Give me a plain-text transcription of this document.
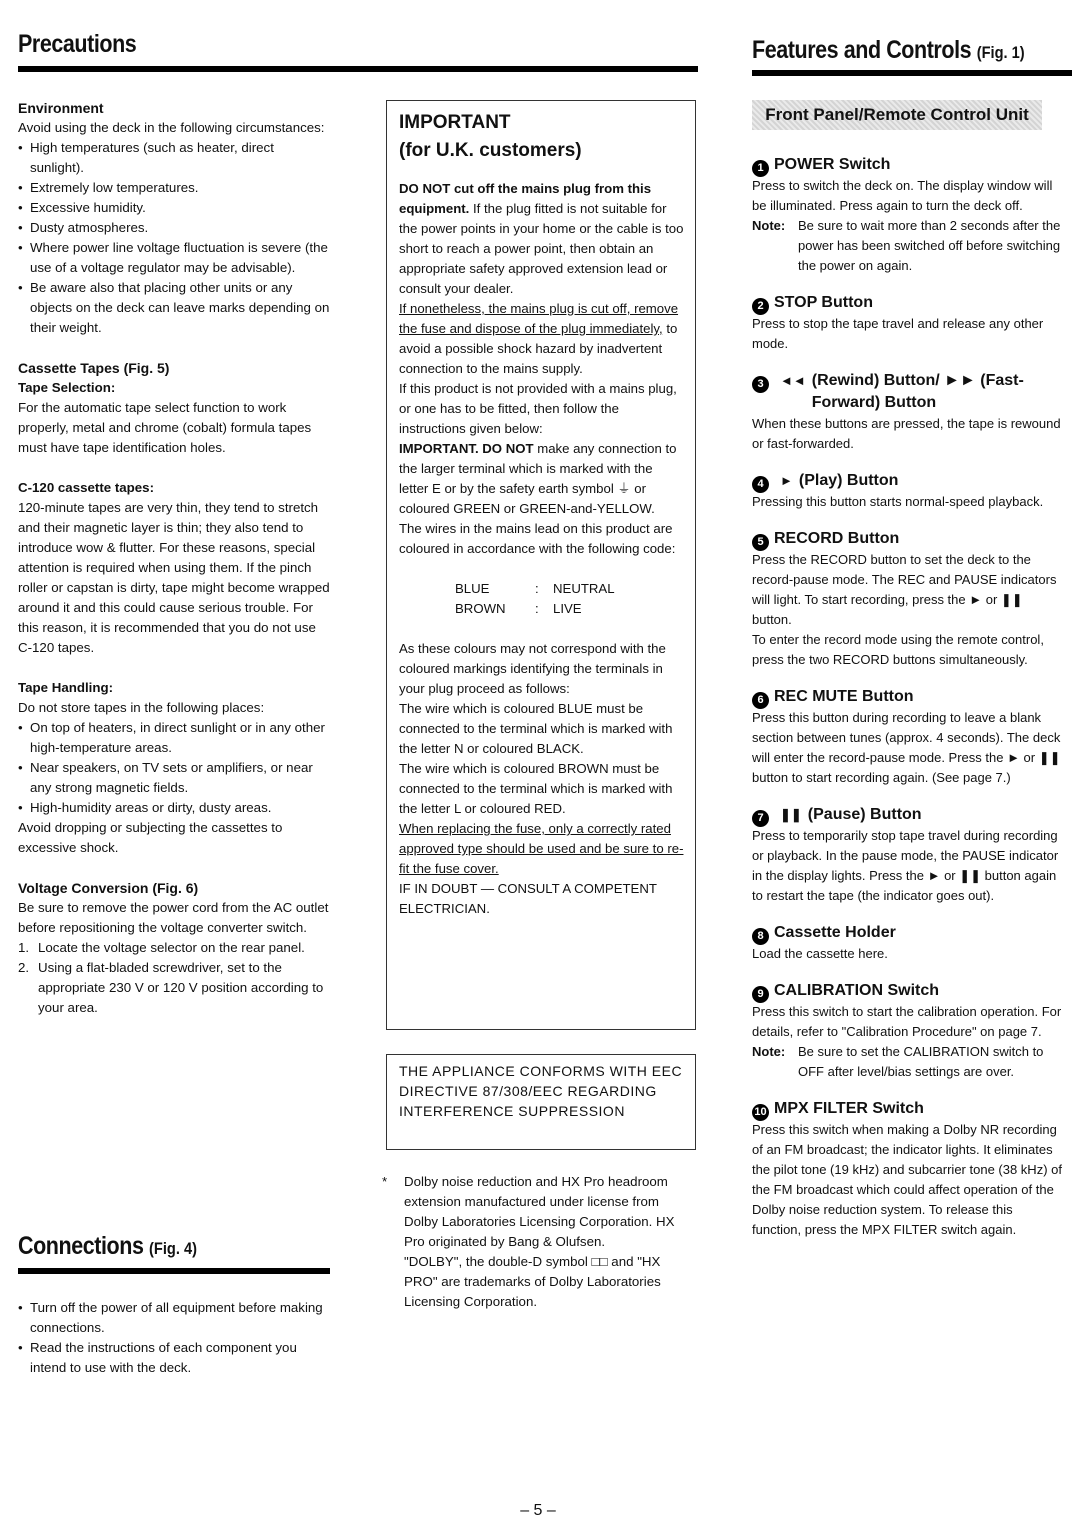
Precautions	Features and Controls (Fig. 1)
Environment

Avoid using the deck in the following circumstances:

• High temperatures (such as heater, direct sunlight).
• Extremely low temperatures.
• Excessive humidity.
• Dusty atmospheres.
• Where power line voltage fluctuation is severe (the use of a voltage regulator may be advisable).
• Be aware also that placing other units or any objects on the deck can leave marks depending on their weight.
Cassette Tapes (Fig. 5)
Tape Selection:

For the automatic tape select function to work properly, metal and chrome (cobalt) formula tapes must have tape identification holes.

C-120 cassette tapes:

120-minute tapes are very thin, they tend to stretch and their magnetic layer is thin; they also tend to introduce wow & flutter. For these reasons, special attention is required when using them. If the pinch roller or capstan is dirty, tape might become wrapped around it and this could cause serious trouble. For this reason, it is recommended that you do not use C-120 tapes.

Tape Handling:

Do not store tapes in the following places:

• On top of heaters, in direct sunlight or in any other high-temperature areas.
• Near speakers, on TV sets or amplifiers, or near any strong magnetic fields.
• High-humidity areas or dirty, dusty areas.

Avoid dropping or subjecting the cassettes to excessive shock.

Voltage Conversion (Fig. 6)

Be sure to remove the power cord from the AC outlet before repositioning the voltage converter switch.

1. Locate the voltage selector on the rear panel.
2. Using a flat-bladed screwdriver, set to the appropriate 230 V or 120 V position according to your area.
Connections (Fig. 4)
• Turn off the power of all equipment before making connections.
• Read the instructions of each component you intend to use with the deck.
IMPORTANT
(for U.K. customers)

DO NOT cut off the mains plug from this equipment. If the plug fitted is not suitable for the power points in your home or the cable is too short to reach a power point, then obtain an appropriate safety approved extension lead or consult your dealer.

If nonetheless, the mains plug is cut off, remove the fuse and dispose of the plug immediately, to avoid a possible shock hazard by inadvertent connection to the mains supply.

If this product is not provided with a mains plug, or one has to be fitted, then follow the instructions given below:

IMPORTANT. DO NOT make any connection to the larger terminal which is marked with the letter E or by the safety earth symbol ⏚ or coloured GREEN or GREEN-and-YELLOW.

The wires in the mains lead on this product are coloured in accordance with the following code:

BLUE	:	NEUTRAL
BROWN	:	LIVE

As these colours may not correspond with the coloured markings identifying the terminals in your plug proceed as follows:

The wire which is coloured BLUE must be connected to the terminal which is marked with the letter N or coloured BLACK.

The wire which is coloured BROWN must be connected to the terminal which is marked with the letter L or coloured RED.

When replacing the fuse, only a correctly rated approved type should be used and be sure to re-fit the fuse cover.

IF IN DOUBT — CONSULT A COMPETENT ELECTRICIAN.

THE APPLIANCE CONFORMS WITH EEC DIRECTIVE 87/308/EEC REGARDING INTERFERENCE SUPPRESSION

* Dolby noise reduction and HX Pro headroom extension manufactured under license from Dolby Laboratories Licensing Corporation. HX Pro originated by Bang & Olufsen.

"DOLBY", the double-D symbol □□ and "HX PRO" are trademarks of Dolby Laboratories Licensing Corporation.

Front Panel/Remote Control Unit
1 POWER Switch

Press to switch the deck on. The display window will be illuminated. Press again to turn the deck off.

Note: Be sure to wait more than 2 seconds after the power has been switched off before switching the power on again.
2 STOP Button

Press to stop the tape travel and release any other mode.

3	◄◄ (Rewind) Button/ ►► (Fast-Forward) Button

When these buttons are pressed, the tape is rewound or fast-forwarded.

4	► (Play) Button

Pressing this button starts normal-speed playback.

5 RECORD Button

Press the RECORD button to set the deck to the record-pause mode. The REC and PAUSE indicators will light. To start recording, press the ► or ❚❚ button.

To enter the record mode using the remote control, press the two RECORD buttons simultaneously.

6 REC MUTE Button

Press this button during recording to leave a blank section between tunes (approx. 4 seconds). The deck will enter the record-pause mode. Press the ► or ❚❚ button to start recording again. (See page 7.)

7	❚❚ (Pause) Button

Press to temporarily stop tape travel during recording or playback. In the pause mode, the PAUSE indicator in the display lights. Press the ► or ❚❚ button again to restart the tape (the indicator goes out).

8 Cassette Holder

Load the cassette here.

9 CALIBRATION Switch

Press this switch to start the calibration operation. For details, refer to "Calibration Procedure" on page 7.

Note: Be sure to set the CALIBRATION switch to OFF after level/bias settings are over.
10 MPX FILTER Switch

Press this switch when making a Dolby NR recording of an FM broadcast; the indicator lights. It eliminates the pilot tone (19 kHz) and subcarrier tone (38 kHz) of the FM broadcast which could affect operation of the Dolby noise reduction system. To release this function, press the MPX FILTER switch again.

– 5 –
